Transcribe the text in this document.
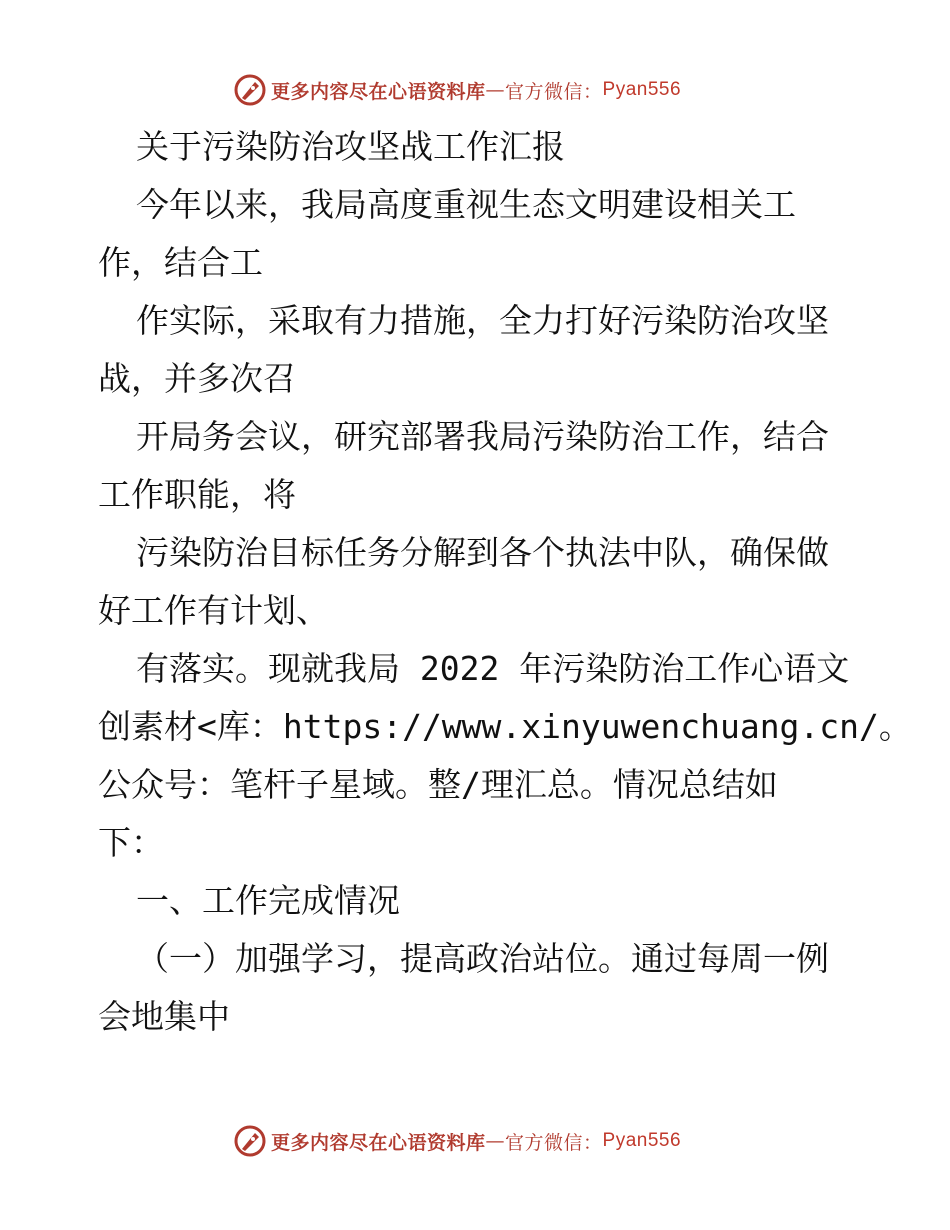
更多内容尽在心语资料库 — 官方微信： Pyan556
关于污染防治攻坚战工作汇报
今年以来，我局高度重视生态文明建设相关工
作，结合工
作实际，采取有力措施，全力打好污染防治攻坚
战，并多次召
开局务会议，研究部署我局污染防治工作，结合
工作职能，将
污染防治目标任务分解到各个执法中队，确保做
好工作有计划、
有落实。现就我局 2022 年污染防治工作心语文
创素材<库：https://www.xinyuwenchuang.cn/。
公众号：笔杆子星域。整/理汇总。情况总结如
下：
一、工作完成情况
（一）加强学习，提高政治站位。通过每周一例
会地集中
更多内容尽在心语资料库 — 官方微信： Pyan556
